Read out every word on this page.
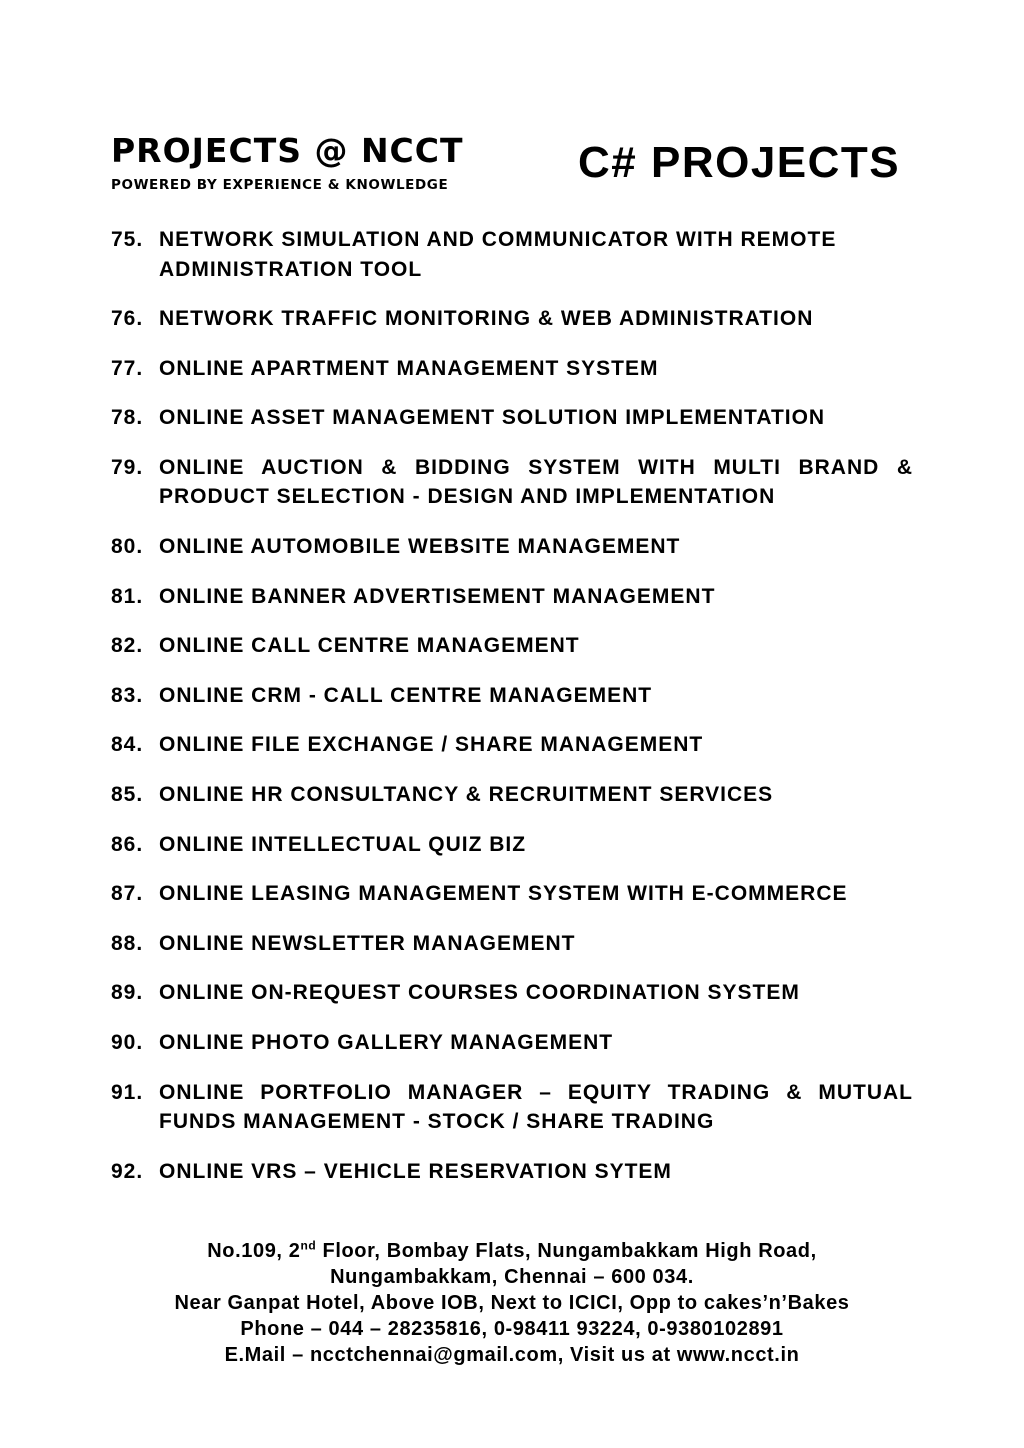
PROJECTS @ NCCT
POWERED BY EXPERIENCE & KNOWLEDGE	C# PROJECTS
75. NETWORK SIMULATION AND COMMUNICATOR WITH REMOTE ADMINISTRATION TOOL
76. NETWORK TRAFFIC MONITORING & WEB ADMINISTRATION
77. ONLINE APARTMENT MANAGEMENT SYSTEM
78. ONLINE ASSET MANAGEMENT SOLUTION IMPLEMENTATION
79. ONLINE AUCTION & BIDDING SYSTEM WITH MULTI BRAND & PRODUCT SELECTION - DESIGN AND IMPLEMENTATION
80. ONLINE AUTOMOBILE WEBSITE MANAGEMENT
81. ONLINE BANNER ADVERTISEMENT MANAGEMENT
82. ONLINE CALL CENTRE MANAGEMENT
83. ONLINE CRM - CALL CENTRE MANAGEMENT
84. ONLINE FILE EXCHANGE / SHARE MANAGEMENT
85. ONLINE HR CONSULTANCY & RECRUITMENT SERVICES
86. ONLINE INTELLECTUAL QUIZ BIZ
87. ONLINE LEASING MANAGEMENT SYSTEM WITH E-COMMERCE
88. ONLINE NEWSLETTER MANAGEMENT
89. ONLINE ON-REQUEST COURSES COORDINATION SYSTEM
90. ONLINE PHOTO GALLERY MANAGEMENT
91. ONLINE PORTFOLIO MANAGER – EQUITY TRADING & MUTUAL FUNDS MANAGEMENT - STOCK / SHARE TRADING
92. ONLINE VRS – VEHICLE RESERVATION SYTEM
No.109, 2nd Floor, Bombay Flats, Nungambakkam High Road,
Nungambakkam, Chennai – 600 034.
Near Ganpat Hotel, Above IOB, Next to ICICI, Opp to cakes’n’Bakes
Phone – 044 – 28235816, 0-98411 93224, 0-9380102891
E.Mail – ncctchennai@gmail.com, Visit us at www.ncct.in
